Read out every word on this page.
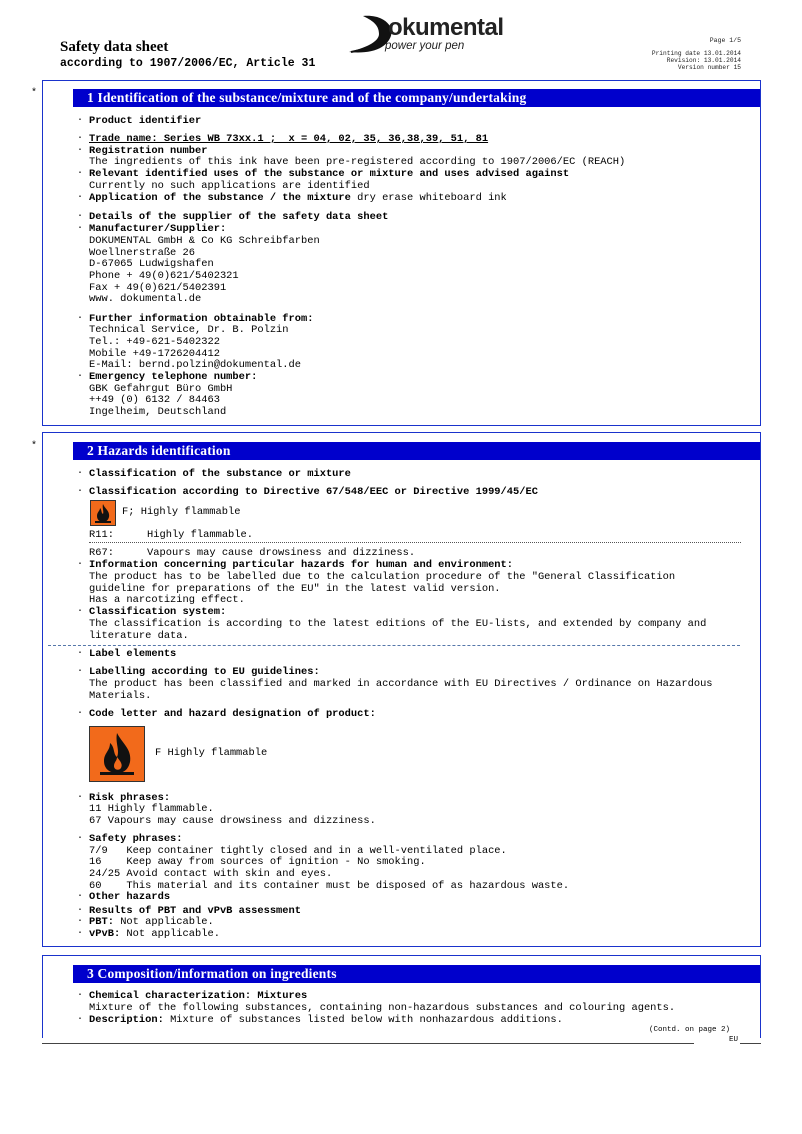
Safety data sheet
according to 1907/2006/EC, Article 31
okumental
power your pen	Page 1/5
Printing date 13.01.2014
Revision: 13.01.2014
Version number 15
*	1 Identification of the substance/mixture and of the company/undertaking
· Product identifier
· Trade name: Series WB 73xx.1 ;  x = 04, 02, 35, 36,38,39, 51, 81
· Registration number
The ingredients of this ink have been pre-registered according to 1907/2006/EC (REACH)
· Relevant identified uses of the substance or mixture and uses advised against
Currently no such applications are identified
· Application of the substance / the mixture dry erase whiteboard ink
· Details of the supplier of the safety data sheet
· Manufacturer/Supplier:
DOKUMENTAL GmbH & Co KG Schreibfarben
Woellnerstraße 26
D-67065 Ludwigshafen
Phone + 49(0)621/5402321
Fax + 49(0)621/5402391
www. dokumental.de
· Further information obtainable from:
Technical Service, Dr. B. Polzin
Tel.: +49-621-5402322
Mobile +49-1726204412
E-Mail: bernd.polzin@dokumental.de
· Emergency telephone number:
GBK Gefahrgut Büro GmbH
++49 (0) 6132 / 84463
Ingelheim, Deutschland
*	2 Hazards identification
· Classification of the substance or mixture
· Classification according to Directive 67/548/EEC or Directive 1999/45/EC
F; Highly flammable
R11:	Highly flammable.
R67:	Vapours may cause drowsiness and dizziness.
· Information concerning particular hazards for human and environment:
The product has to be labelled due to the calculation procedure of the "General Classification
guideline for preparations of the EU" in the latest valid version.
Has a narcotizing effect.
· Classification system:
The classification is according to the latest editions of the EU-lists, and extended by company and
literature data.
· Label elements
· Labelling according to EU guidelines:
The product has been classified and marked in accordance with EU Directives / Ordinance on Hazardous
Materials.
· Code letter and hazard designation of product:
F Highly flammable
· Risk phrases:
11 Highly flammable.
67 Vapours may cause drowsiness and dizziness.
· Safety phrases:
7/9   Keep container tightly closed and in a well-ventilated place.
16    Keep away from sources of ignition - No smoking.
24/25 Avoid contact with skin and eyes.
60    This material and its container must be disposed of as hazardous waste.
· Other hazards
· Results of PBT and vPvB assessment
· PBT: Not applicable.
· vPvB: Not applicable.
3 Composition/information on ingredients
· Chemical characterization: Mixtures
Mixture of the following substances, containing non-hazardous substances and colouring agents.
· Description: Mixture of substances listed below with nonhazardous additions.
(Contd. on page 2)
EU
